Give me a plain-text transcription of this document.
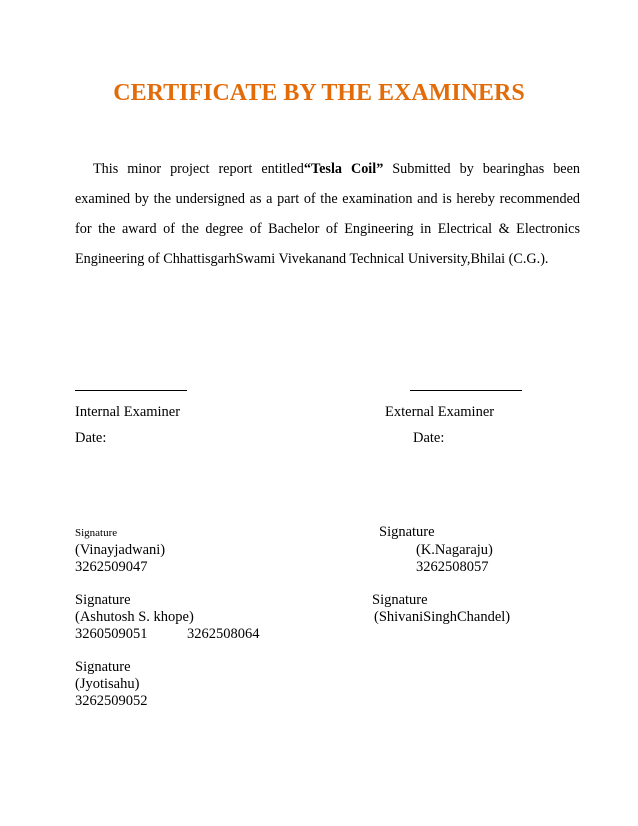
CERTIFICATE BY THE EXAMINERS
This minor project report entitled“Tesla Coil” Submitted by bearinghas been examined by the undersigned as a part of the examination and is hereby recommended for the award of the degree of Bachelor of Engineering in Electrical & Electronics Engineering of ChhattisgarhSwami Vivekanand Technical University,Bhilai (C.G.).
Internal Examiner	External Examiner
Date:	Date:
Signature
(Vinayjadwani)
3262509047
Signature
(K.Nagaraju)
3262508057
Signature
(Ashutosh S. khope)
3260509051	3262508064
Signature
(ShivaniSinghChandel)
Signature
(Jyotisahu)
3262509052
